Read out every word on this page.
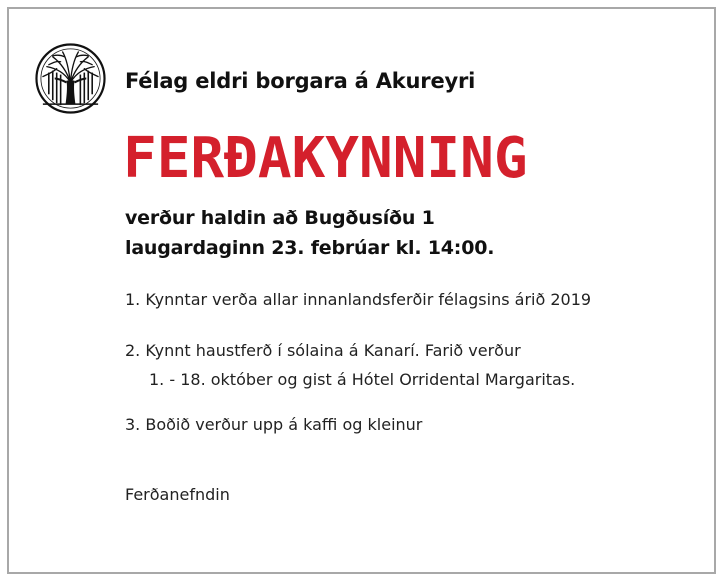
Félag eldri borgara á Akureyri
FERÐAKYNNING
verður haldin að Bugðusíðu 1
laugardaginn 23. febrúar kl. 14:00.
1. Kynntar verða allar innanlandsferðir félagsins árið 2019
2. Kynnt haustferð í sólaina á Kanarí. Farið verður
1. - 18. október og gist á Hótel Orridental Margaritas.
3. Boðið verður upp á kaffi og kleinur
Ferðanefndin
